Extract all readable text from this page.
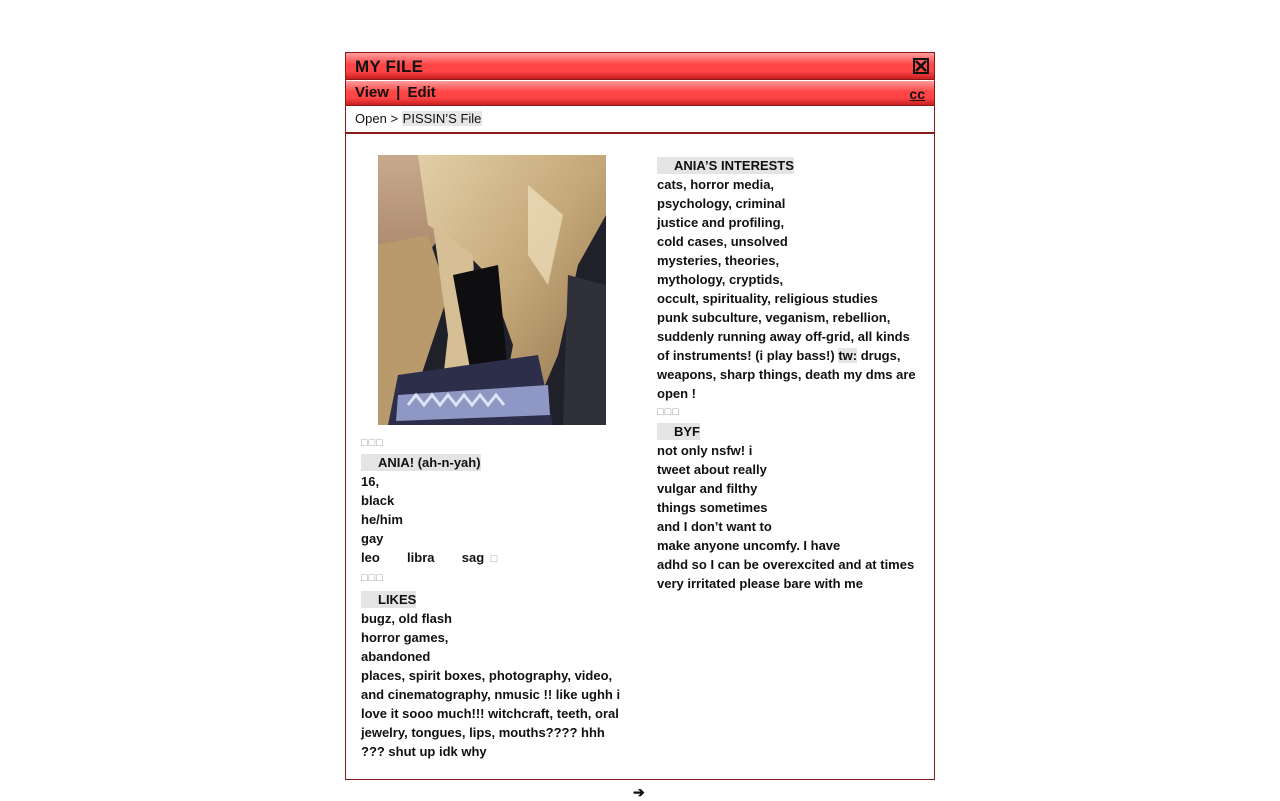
MY FILE
View | Edit	cc
Open > PISSIN’S File
□□□
ANIA! (ah-n-yah)
16,
black
he/him
gay
leo libra sag □
□□□
LIKES
bugz, old flash
horror games,
abandoned
places, spirit boxes, photography, video,
and cinematography, nmusic !! like ughh i
love it sooo much!!! witchcraft, teeth, oral
jewelry, tongues, lips, mouths???? hhh
??? shut up idk why
ANIA’S INTERESTS
cats, horror media,
psychology, criminal
justice and profiling,
cold cases, unsolved
mysteries, theories,
mythology, cryptids,
occult, spirituality, religious studies
punk subculture, veganism, rebellion,
suddenly running away off-grid, all kinds
of instruments! (i play bass!) tw: drugs,
weapons, sharp things, death my dms are
open !
□□□
BYF
not only nsfw! i
tweet about really
vulgar and filthy
things sometimes
and I don’t want to
make anyone uncomfy. I have
adhd so I can be overexcited and at times
very irritated please bare with me
➔
